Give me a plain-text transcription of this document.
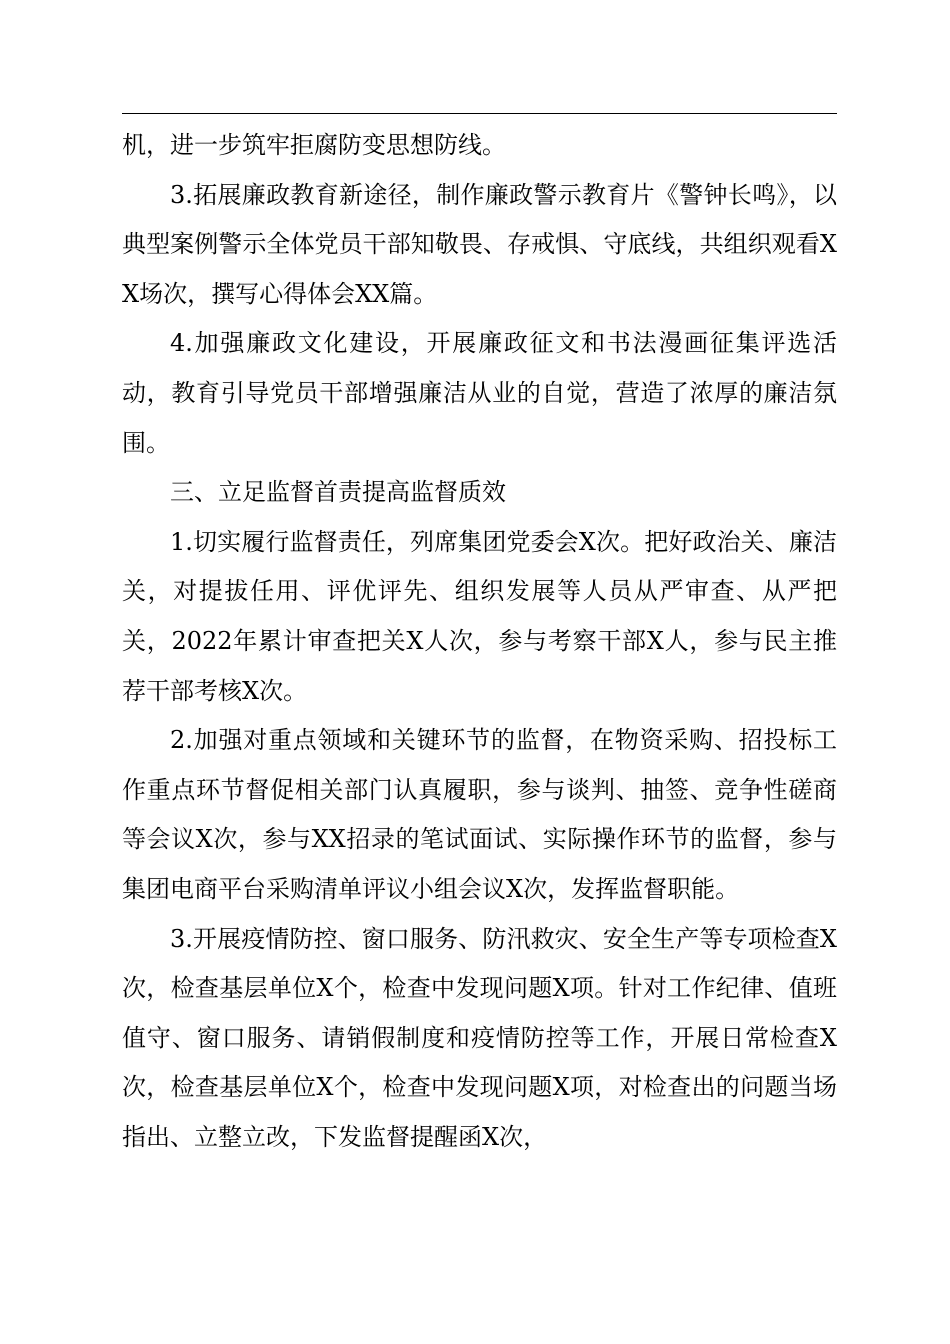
机，进一步筑牢拒腐防变思想防线。

3.拓展廉政教育新途径，制作廉政警示教育片《警钟长鸣》，以典型案例警示全体党员干部知敬畏、存戒惧、守底线，共组织观看XX场次，撰写心得体会XX篇。

4.加强廉政文化建设，开展廉政征文和书法漫画征集评选活动，教育引导党员干部增强廉洁从业的自觉，营造了浓厚的廉洁氛围。

三、立足监督首责提高监督质效

1.切实履行监督责任，列席集团党委会X次。把好政治关、廉洁关，对提拔任用、评优评先、组织发展等人员从严审查、从严把关，2022年累计审查把关X人次，参与考察干部X人，参与民主推荐干部考核X次。

2.加强对重点领域和关键环节的监督，在物资采购、招投标工作重点环节督促相关部门认真履职，参与谈判、抽签、竞争性磋商等会议X次，参与XX招录的笔试面试、实际操作环节的监督，参与集团电商平台采购清单评议小组会议X次，发挥监督职能。

3.开展疫情防控、窗口服务、防汛救灾、安全生产等专项检查X次，检查基层单位X个，检查中发现问题X项。针对工作纪律、值班值守、窗口服务、请销假制度和疫情防控等工作，开展日常检查X次，检查基层单位X个，检查中发现问题X项，对检查出的问题当场指出、立整立改，下发监督提醒函X次，
